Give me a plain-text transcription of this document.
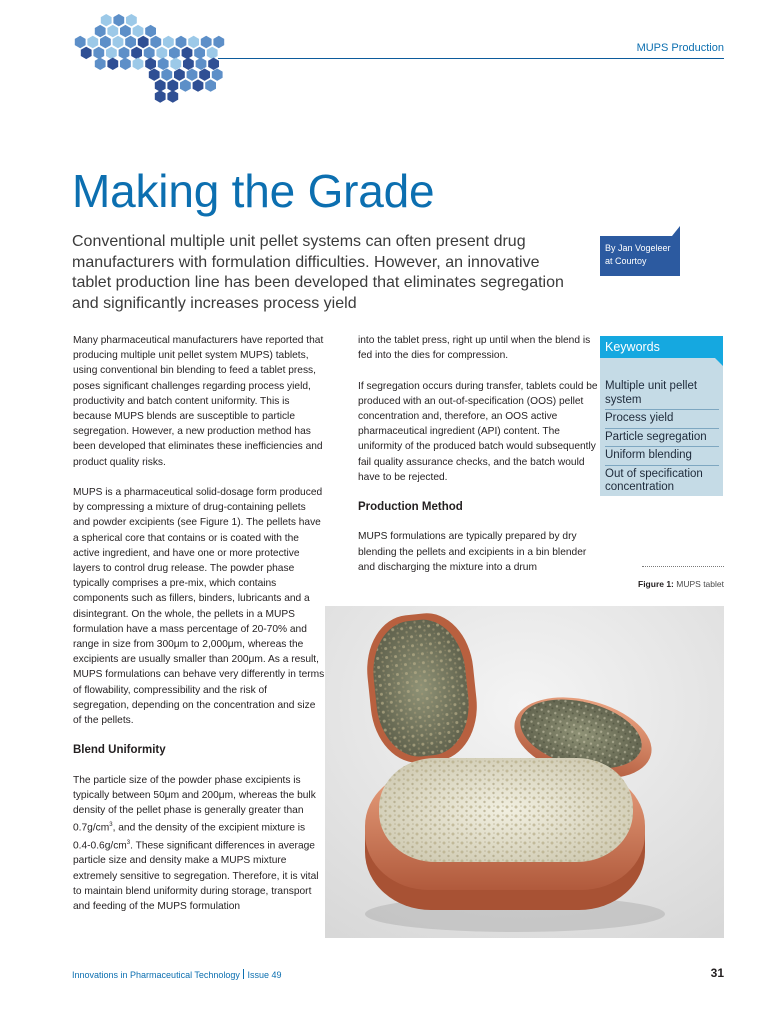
MUPS Production
Making the Grade

Conventional multiple unit pellet systems can often present drug manufacturers with formulation difficulties. However, an innovative tablet production line has been developed that eliminates segregation and significantly increases process yield

By Jan Vogeleer at Courtoy

Many pharmaceutical manufacturers have reported that producing multiple unit pellet system MUPS) tablets, using conventional bin blending to feed a tablet press, poses significant challenges regarding process yield, productivity and batch content uniformity. This is because MUPS blends are susceptible to particle segregation. However, a new production method has been developed that eliminates these inefficiencies and product quality risks.

MUPS is a pharmaceutical solid-dosage form produced by compressing a mixture of drug-containing pellets and powder excipients (see Figure 1). The pellets have a spherical core that contains or is coated with the active ingredient, and have one or more protective layers to control drug release. The powder phase typically comprises a pre-mix, which contains components such as fillers, binders, lubricants and a disintegrant. On the whole, the pellets in a MUPS formulation have a mass percentage of 20-70% and range in size from 300μm to 2,000μm, whereas the excipients are usually smaller than 200μm. As a result, MUPS formulations can behave very differently in terms of flowability, compressibility and the risk of segregation, depending on the concentration and size of the pellets.

Blend Uniformity

The particle size of the powder phase excipients is typically between 50μm and 200μm, whereas the bulk density of the pellet phase is generally greater than $0.7g/cm^3$, and the density of the excipient mixture is $0.4-0.6g/cm^3$. These significant differences in average particle size and density make a MUPS mixture extremely sensitive to segregation. Therefore, it is vital to maintain blend uniformity during storage, transport and feeding of the MUPS formulation

into the tablet press, right up until when the blend is fed into the dies for compression.

If segregation occurs during transfer, tablets could be produced with an out-of-specification (OOS) pellet concentration and, therefore, an OOS active pharmaceutical ingredient (API) content. The uniformity of the produced batch would subsequently fail quality assurance checks, and the batch would have to be rejected.

Production Method

MUPS formulations are typically prepared by dry blending the pellets and excipients in a bin blender and discharging the mixture into a drum

Keywords
Multiple unit pellet system
Process yield
Particle segregation
Uniform blending
Out of specification concentration
Figure 1: MUPS tablet
Innovations in Pharmaceutical Technology Issue 49	31
